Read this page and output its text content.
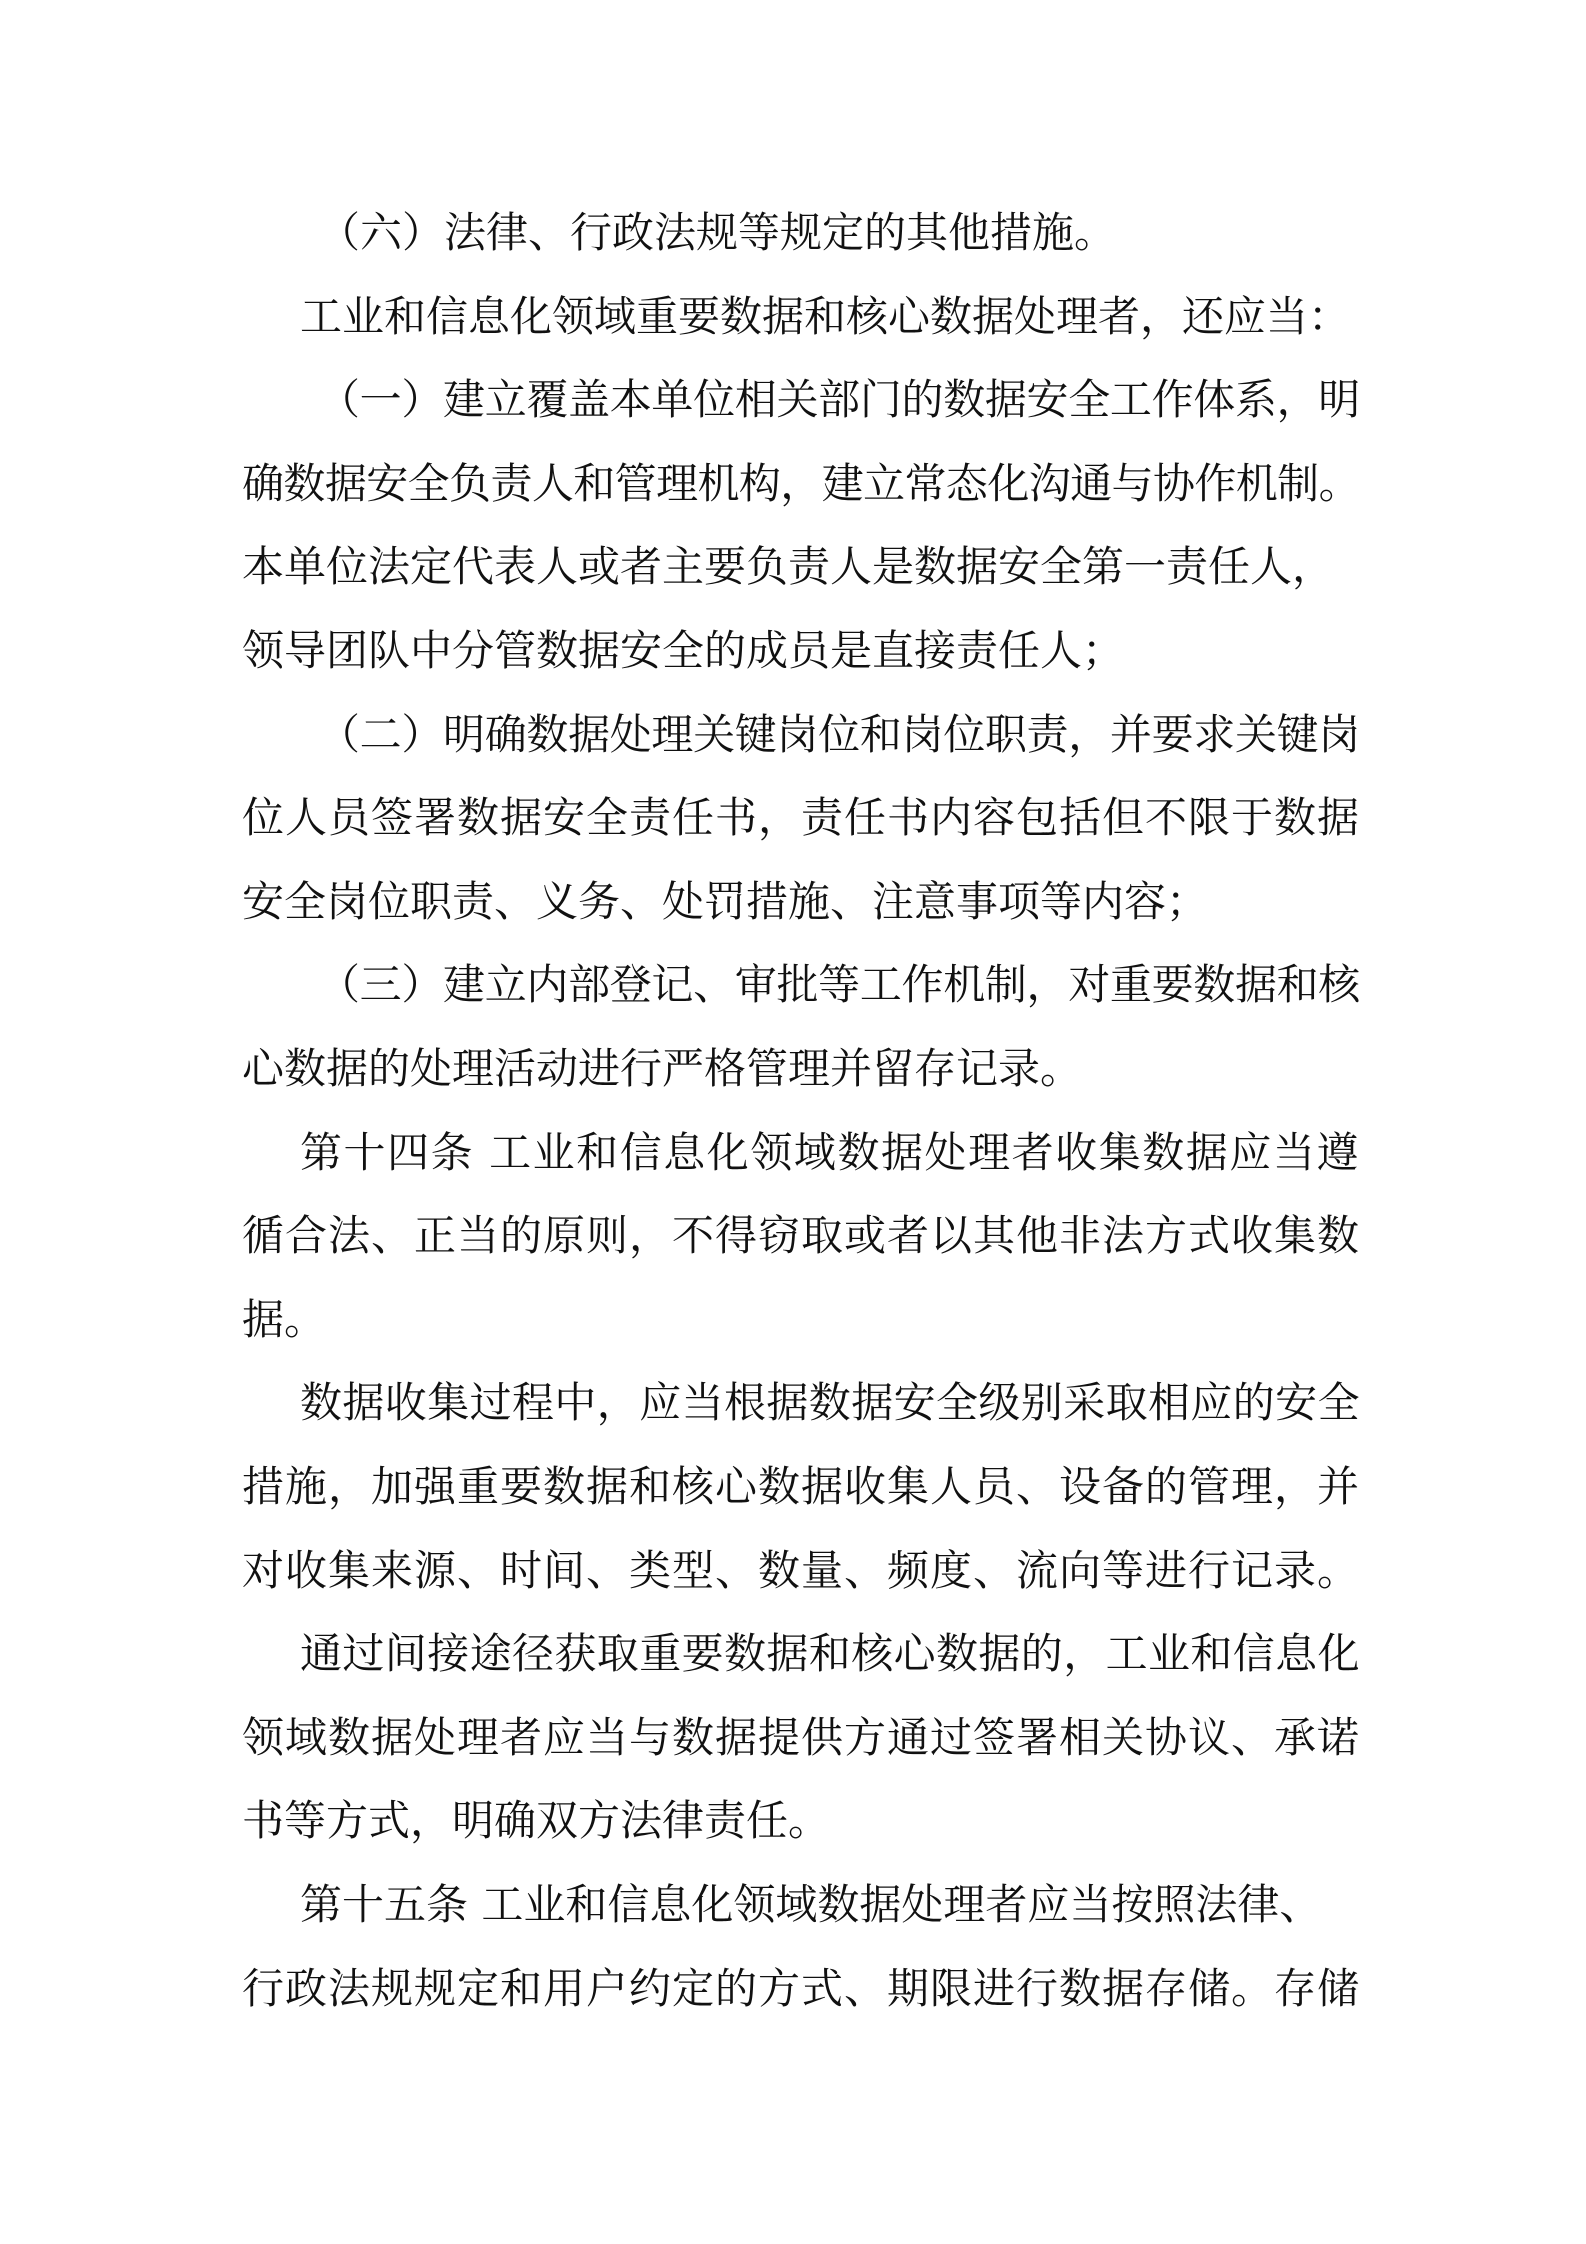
（六）法律、行政法规等规定的其他措施。
工业和信息化领域重要数据和核心数据处理者，还应当：
（一）建立覆盖本单位相关部门的数据安全工作体系，明
确数据安全负责人和管理机构，建立常态化沟通与协作机制。
本单位法定代表人或者主要负责人是数据安全第一责任人，
领导团队中分管数据安全的成员是直接责任人；
（二）明确数据处理关键岗位和岗位职责，并要求关键岗
位人员签署数据安全责任书，责任书内容包括但不限于数据
安全岗位职责、义务、处罚措施、注意事项等内容；
（三）建立内部登记、审批等工作机制，对重要数据和核
心数据的处理活动进行严格管理并留存记录。
第十四条 工业和信息化领域数据处理者收集数据应当遵
循合法、正当的原则，不得窃取或者以其他非法方式收集数
据。
数据收集过程中，应当根据数据安全级别采取相应的安全
措施，加强重要数据和核心数据收集人员、设备的管理，并
对收集来源、时间、类型、数量、频度、流向等进行记录。
通过间接途径获取重要数据和核心数据的，工业和信息化
领域数据处理者应当与数据提供方通过签署相关协议、承诺
书等方式，明确双方法律责任。
第十五条 工业和信息化领域数据处理者应当按照法律、
行政法规规定和用户约定的方式、期限进行数据存储。存储
